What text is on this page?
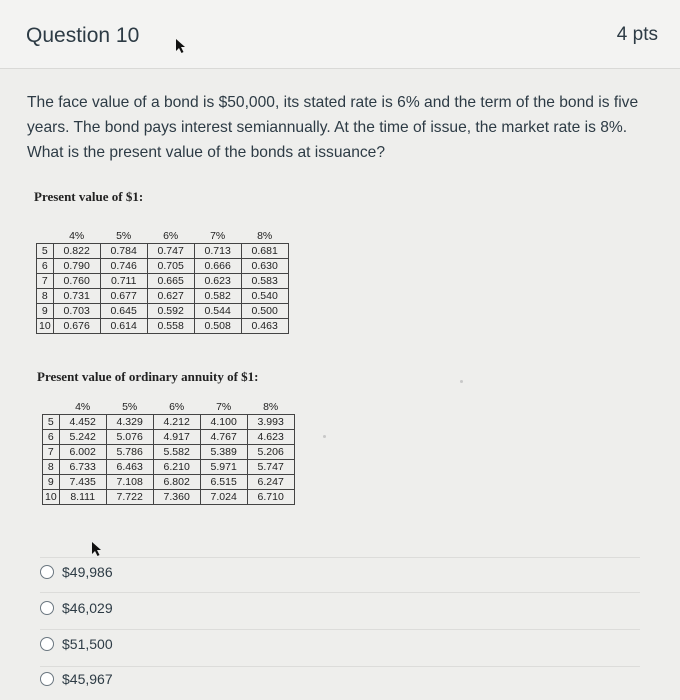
Question 10	4 pts
The face value of a bond is $50,000, its stated rate is 6% and the term of the bond is five years. The bond pays interest semiannually. At the time of issue, the market rate is 8%. What is the present value of the bonds at issuance?
Present value of $1:
	4%	5%	6%	7%	8%
5	0.822	0.784	0.747	0.713	0.681
6	0.790	0.746	0.705	0.666	0.630
7	0.760	0.711	0.665	0.623	0.583
8	0.731	0.677	0.627	0.582	0.540
9	0.703	0.645	0.592	0.544	0.500
10	0.676	0.614	0.558	0.508	0.463
Present value of ordinary annuity of $1:
	4%	5%	6%	7%	8%
5	4.452	4.329	4.212	4.100	3.993
6	5.242	5.076	4.917	4.767	4.623
7	6.002	5.786	5.582	5.389	5.206
8	6.733	6.463	6.210	5.971	5.747
9	7.435	7.108	6.802	6.515	6.247
10	8.111	7.722	7.360	7.024	6.710
$49,986
$46,029
$51,500
$45,967
